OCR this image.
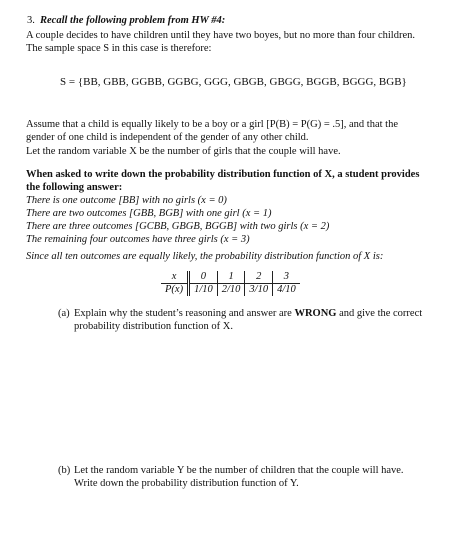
3. Recall the following problem from HW #4:

A couple decides to have children until they have two boyes, but no more than four children. The sample space S in this case is therefore:

S = {BB, GBB, GGBB, GGBG, GGG, GBGB, GBGG, BGGB, BGGG, BGB}

Assume that a child is equally likely to be a boy or a girl [P(B) = P(G) = .5], and that the gender of one child is independent of the gender of any other child.

Let the random variable X be the number of girls that the couple will have.

When asked to write down the probability distribution function of X, a student provides the following answer:

There is one outcome [BB] with no girls (x = 0)

There are two outcomes [GBB, BGB] with one girl (x = 1)

There are three outcomes [GCBB, GBGB, BGGB] with two girls (x = 2)

The remaining four outcomes have three girls (x = 3)

Since all ten outcomes are equally likely, the probability distribution function of X is:

x	0	1	2	3
P(x)	1/10	2/10	3/10	4/10
(a) Explain why the student’s reasoning and answer are WRONG and give the correct probability distribution function of X.

(b) Let the random variable Y be the number of children that the couple will have. Write down the probability distribution function of Y.
